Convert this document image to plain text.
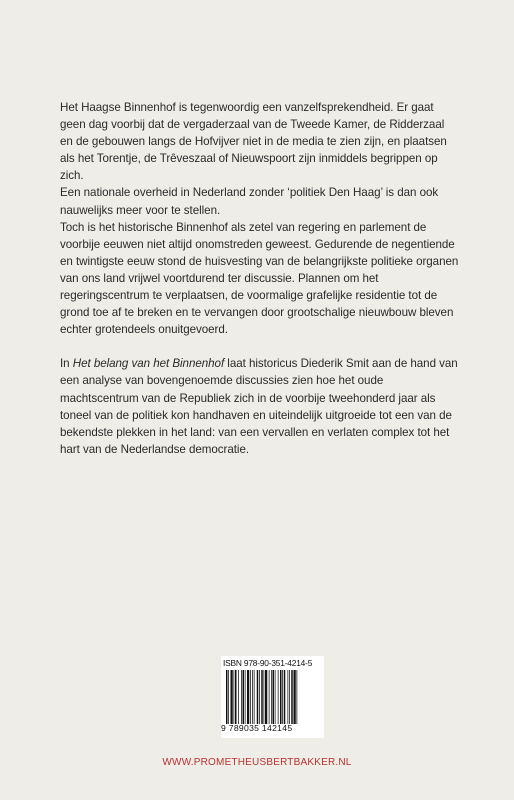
Het Haagse Binnenhof is tegenwoordig een vanzelfsprekendheid. Er gaat geen dag voorbij dat de vergaderzaal van de Tweede Kamer, de Ridderzaal en de gebouwen langs de Hofvijver niet in de media te zien zijn, en plaatsen als het Torentje, de Trêveszaal of Nieuwspoort zijn inmiddels begrippen op zich.

Een nationale overheid in Nederland zonder ‘politiek Den Haag’ is dan ook nauwelijks meer voor te stellen.

Toch is het historische Binnenhof als zetel van regering en parlement de voorbije eeuwen niet altijd onomstreden geweest. Gedurende de negentiende en twintigste eeuw stond de huisvesting van de belangrijkste politieke organen van ons land vrijwel voortdurend ter discussie. Plannen om het regeringscentrum te verplaatsen, de voormalige grafelijke residentie tot de grond toe af te breken en te vervangen door grootschalige nieuwbouw bleven echter grotendeels onuitgevoerd.

In Het belang van het Binnenhof laat historicus Diederik Smit aan de hand van een analyse van bovengenoemde discussies zien hoe het oude machtscentrum van de Republiek zich in de voorbije tweehonderd jaar als toneel van de politiek kon handhaven en uiteindelijk uitgroeide tot een van de bekendste plekken in het land: van een vervallen en verlaten complex tot het hart van de Nederlandse democratie.

ISBN 978-90-351-4214-5
9 789035 142145
WWW.PROMETHEUSBERTBAKKER.NL
